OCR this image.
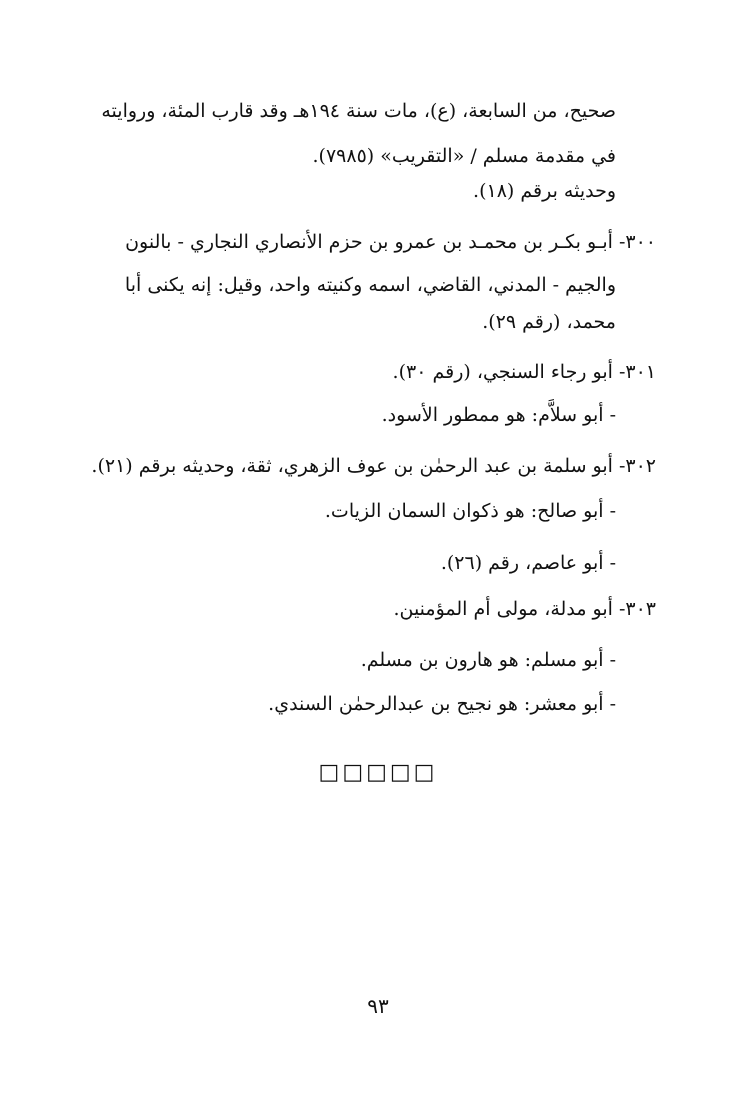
صحيح، من السابعة، (ع)، مات سنة ١٩٤هـ وقد قارب المئة، وروايته
في مقدمة مسلم / «التقريب» (٧٩٨٥).
وحديثه برقم (١٨).
٣٠٠- أبـو بكـر بن محمـد بن عمرو بن حزم الأنصاري النجاري - بالنون
والجيم - المدني، القاضي، اسمه وكنيته واحد، وقيل: إنه يكنى أبا
محمد، (رقم ٢٩).
٣٠١- أبو رجاء السنجي، (رقم ٣٠).
- أبو سلاَّم: هو ممطور الأسود.
٣٠٢- أبو سلمة بن عبد الرحمٰن بن عوف الزهري، ثقة، وحديثه برقم (٢١).
- أبو صالح: هو ذكوان السمان الزيات.
- أبو عاصم، رقم (٢٦).
٣٠٣- أبو مدلة، مولى أم المؤمنين.
- أبو مسلم: هو هارون بن مسلم.
- أبو معشر: هو نجيح بن عبدالرحمٰن السندي.
□□□□□
٩٣
